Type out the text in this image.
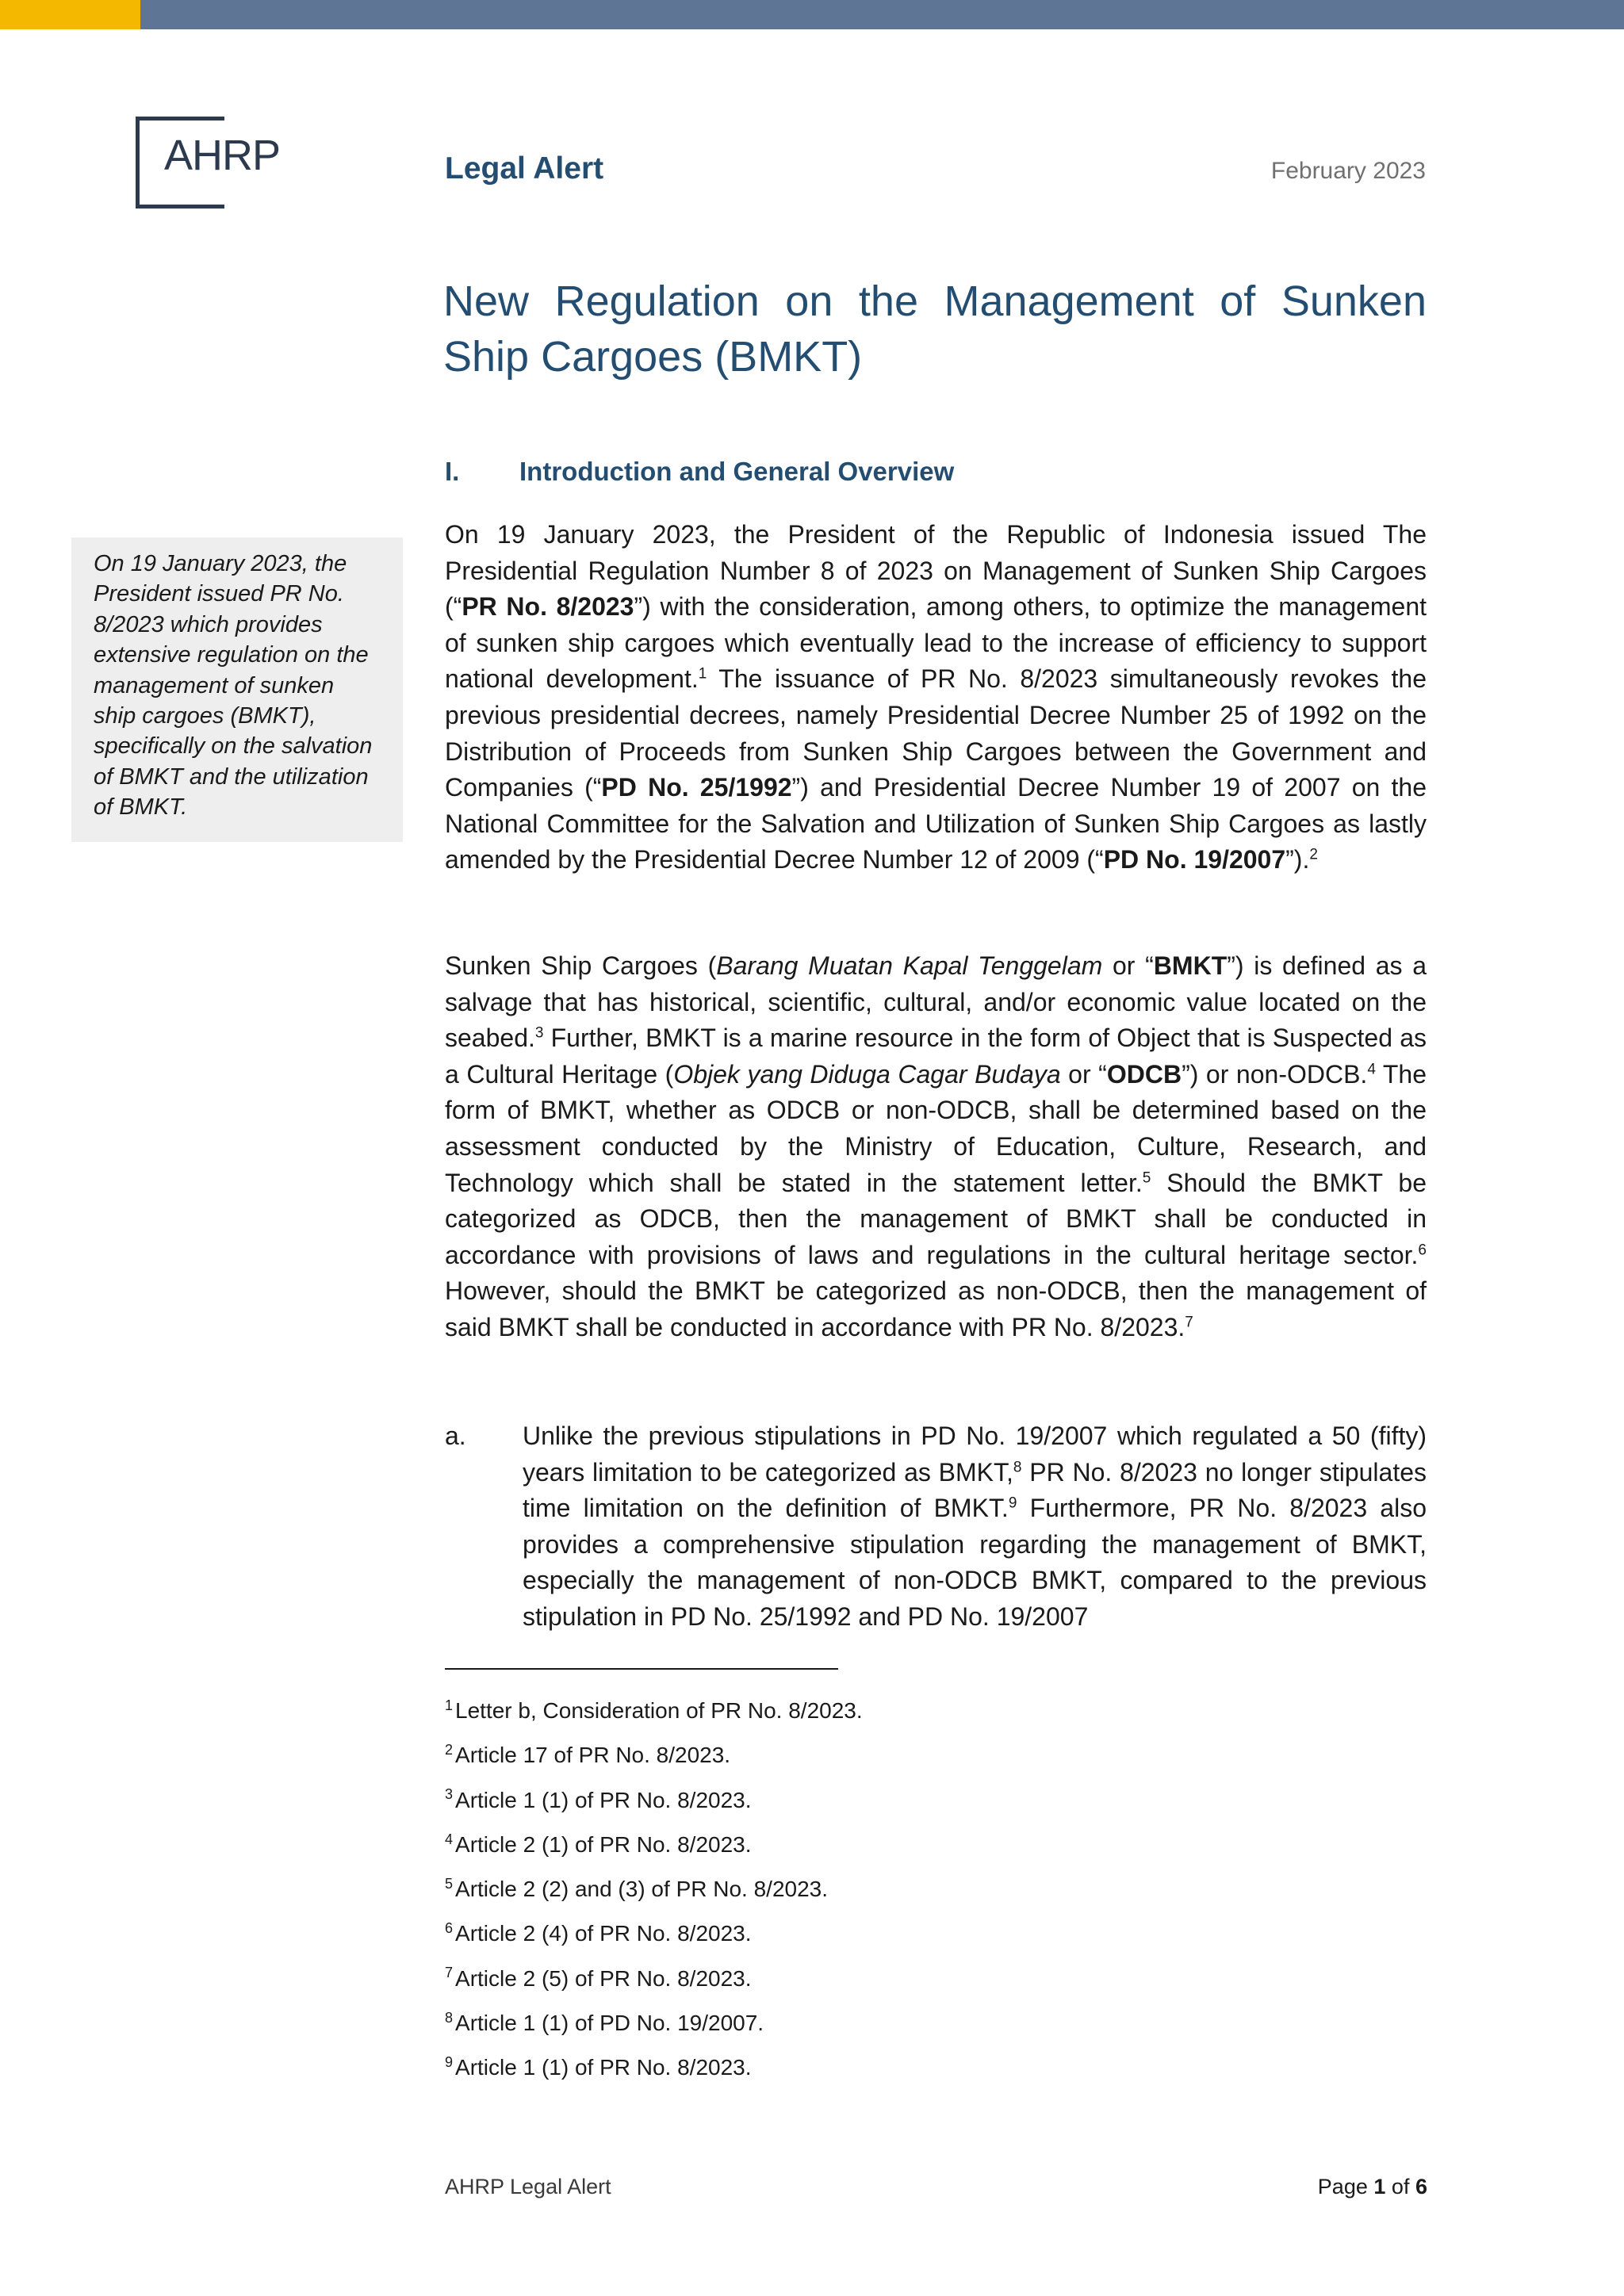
AHRP	Legal Alert	February 2023
New Regulation on the Management of Sunken Ship Cargoes (BMKT)
I. Introduction and General Overview

On 19 January 2023, the President issued PR No. 8/2023 which provides extensive regulation on the management of sunken ship cargoes (BMKT), specifically on the salvation of BMKT and the utilization of BMKT.

On 19 January 2023, the President of the Republic of Indonesia issued The Presidential Regulation Number 8 of 2023 on Management of Sunken Ship Cargoes (“PR No. 8/2023”) with the consideration, among others, to optimize the management of sunken ship cargoes which eventually lead to the increase of efficiency to support national development.$^1$ The issuance of PR No. 8/2023 simultaneously revokes the previous presidential decrees, namely Presidential Decree Number 25 of 1992 on the Distribution of Proceeds from Sunken Ship Cargoes between the Government and Companies (“PD No. 25/1992”) and Presidential Decree Number 19 of 2007 on the National Committee for the Salvation and Utilization of Sunken Ship Cargoes as lastly amended by the Presidential Decree Number 12 of 2009 (“PD No. 19/2007”).$^2$
Sunken Ship Cargoes (Barang Muatan Kapal Tenggelam or “BMKT”) is defined as a salvage that has historical, scientific, cultural, and/or economic value located on the seabed.$^3$ Further, BMKT is a marine resource in the form of Object that is Suspected as a Cultural Heritage (Objek yang Diduga Cagar Budaya or “ODCB”) or non-ODCB.$^4$ The form of BMKT, whether as ODCB or non-ODCB, shall be determined based on the assessment conducted by the Ministry of Education, Culture, Research, and Technology which shall be stated in the statement letter.$^5$ Should the BMKT be categorized as ODCB, then the management of BMKT shall be conducted in accordance with provisions of laws and regulations in the cultural heritage sector.$^6$ However, should the BMKT be categorized as non-ODCB, then the management of said BMKT shall be conducted in accordance with PR No. 8/2023.$^7$
a. Unlike the previous stipulations in PD No. 19/2007 which regulated a 50 (fifty) years limitation to be categorized as BMKT,$^8$ PR No. 8/2023 no longer stipulates time limitation on the definition of BMKT.$^9$ Furthermore, PR No. 8/2023 also provides a comprehensive stipulation regarding the management of BMKT, especially the management of non-ODCB BMKT, compared to the previous stipulation in PD No. 25/1992 and PD No. 19/2007
$^1$ Letter b, Consideration of PR No. 8/2023.
$^2$ Article 17 of PR No. 8/2023.
$^3$ Article 1 (1) of PR No. 8/2023.
$^4$ Article 2 (1) of PR No. 8/2023.
$^5$ Article 2 (2) and (3) of PR No. 8/2023.
$^6$ Article 2 (4) of PR No. 8/2023.
$^7$ Article 2 (5) of PR No. 8/2023.
$^8$ Article 1 (1) of PD No. 19/2007.
$^9$ Article 1 (1) of PR No. 8/2023.
AHRP Legal Alert	Page 1 of 6
